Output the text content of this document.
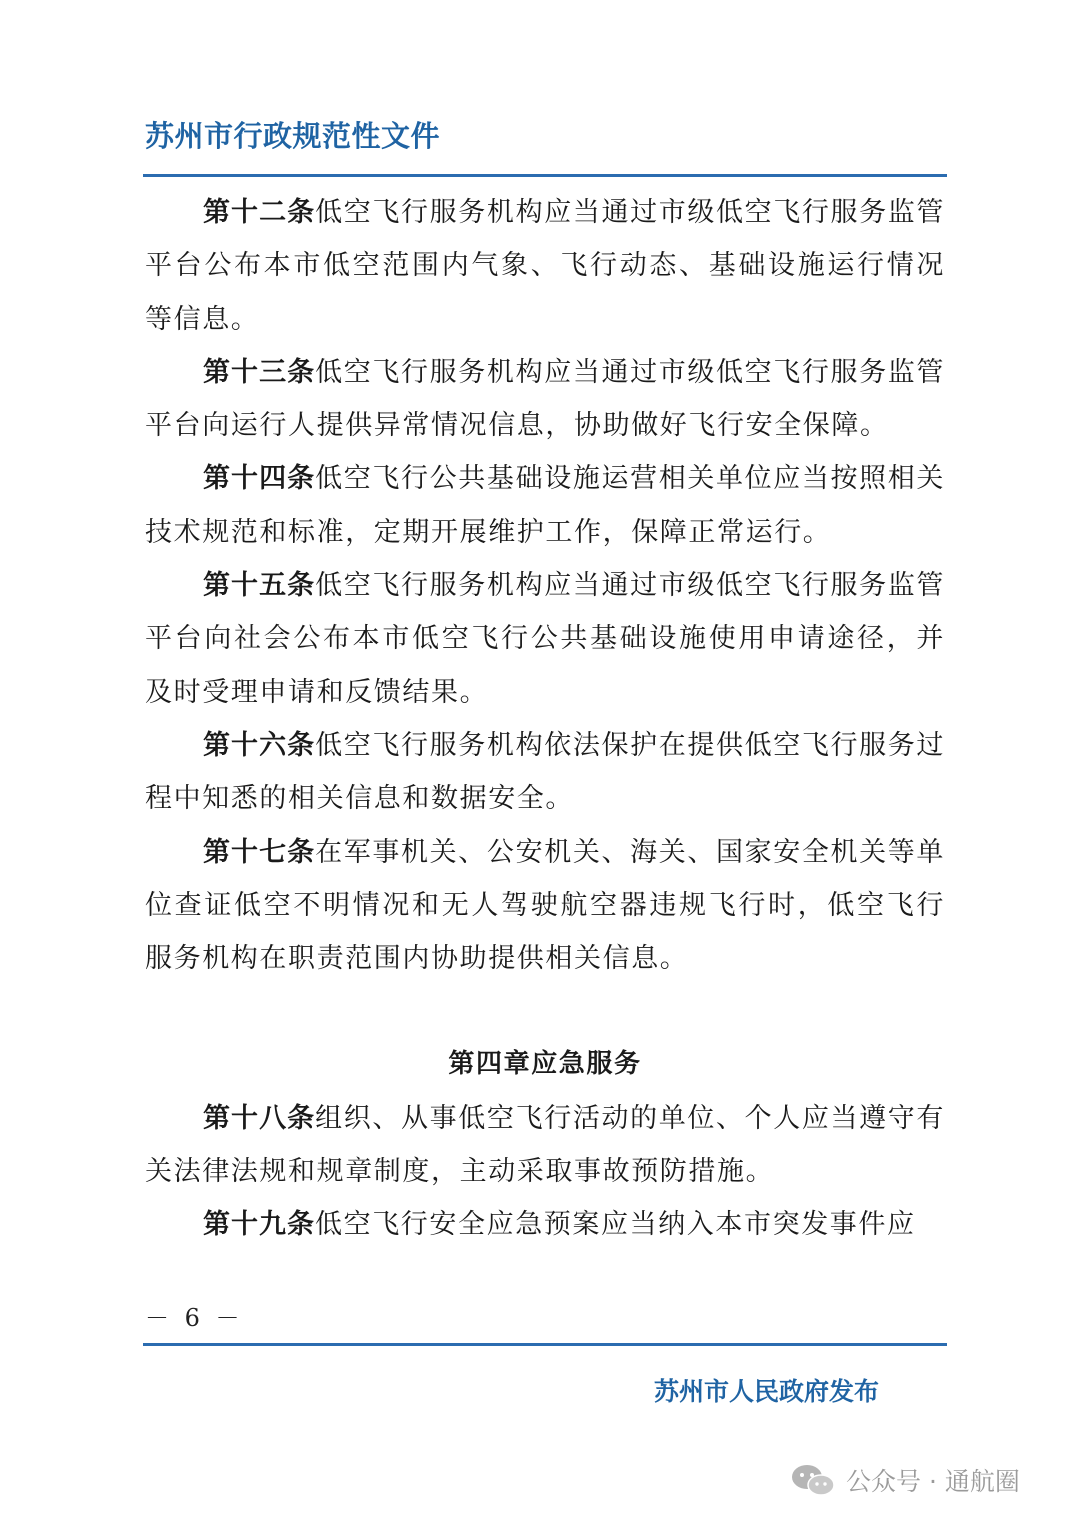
苏州市行政规范性文件

第十二条低空飞行服务机构应当通过市级低空飞行服务监管平台公布本市低空范围内气象、飞行动态、基础设施运行情况等信息。

第十三条低空飞行服务机构应当通过市级低空飞行服务监管平台向运行人提供异常情况信息，协助做好飞行安全保障。

第十四条低空飞行公共基础设施运营相关单位应当按照相关技术规范和标准，定期开展维护工作，保障正常运行。

第十五条低空飞行服务机构应当通过市级低空飞行服务监管平台向社会公布本市低空飞行公共基础设施使用申请途径，并及时受理申请和反馈结果。

第十六条低空飞行服务机构依法保护在提供低空飞行服务过程中知悉的相关信息和数据安全。

第十七条在军事机关、公安机关、海关、国家安全机关等单位查证低空不明情况和无人驾驶航空器违规飞行时，低空飞行服务机构在职责范围内协助提供相关信息。

第四章应急服务

第十八条组织、从事低空飞行活动的单位、个人应当遵守有关法律法规和规章制度，主动采取事故预防措施。

第十九条低空飞行安全应急预案应当纳入本市突发事件应

－ 6 －
苏州市人民政府发布
公众号 · 通航圈
